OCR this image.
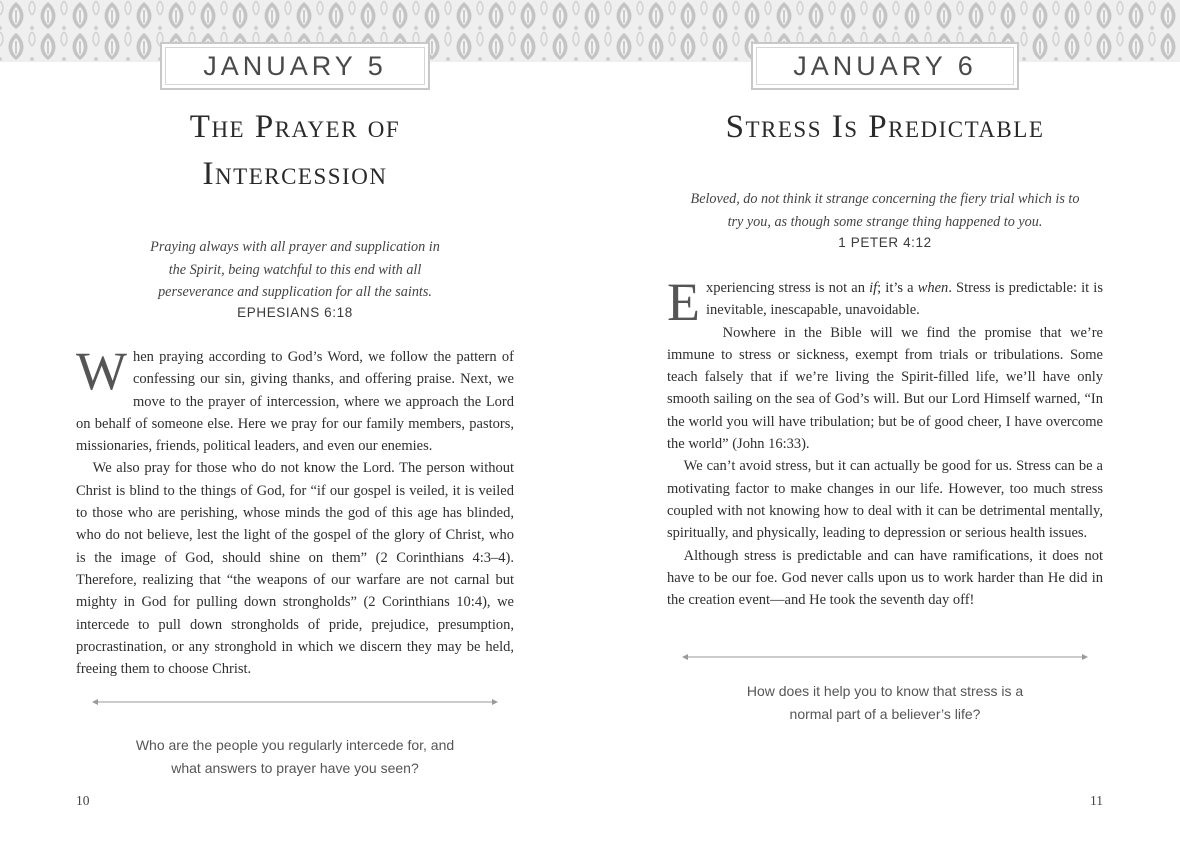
JANUARY 5
The Prayer of Intercession
Praying always with all prayer and supplication in the Spirit, being watchful to this end with all perseverance and supplication for all the saints.
EPHESIANS 6:18

When praying according to God’s Word, we follow the pattern of confessing our sin, giving thanks, and offering praise. Next, we move to the prayer of intercession, where we approach the Lord on behalf of someone else. Here we pray for our family members, pastors, missionaries, friends, political leaders, and even our enemies.

We also pray for those who do not know the Lord. The person without Christ is blind to the things of God, for “if our gospel is veiled, it is veiled to those who are perishing, whose minds the god of this age has blinded, who do not believe, lest the light of the gospel of the glory of Christ, who is the image of God, should shine on them” (2 Corinthians 4:3–4). Therefore, realizing that “the weapons of our warfare are not carnal but mighty in God for pulling down strongholds” (2 Corinthians 10:4), we intercede to pull down strongholds of pride, prejudice, presumption, procrastination, or any stronghold in which we discern they may be held, freeing them to choose Christ.

Who are the people you regularly intercede for, and what answers to prayer have you seen?
10
JANUARY 6
Stress Is Predictable
Beloved, do not think it strange concerning the fiery trial which is to try you, as though some strange thing happened to you.
1 PETER 4:12

Experiencing stress is not an if; it’s a when. Stress is predictable: it is inevitable, inescapable, unavoidable.

Nowhere in the Bible will we find the promise that we’re immune to stress or sickness, exempt from trials or tribulations. Some teach falsely that if we’re living the Spirit-filled life, we’ll have only smooth sailing on the sea of God’s will. But our Lord Himself warned, “In the world you will have tribulation; but be of good cheer, I have overcome the world” (John 16:33).

We can’t avoid stress, but it can actually be good for us. Stress can be a motivating factor to make changes in our life. However, too much stress coupled with not knowing how to deal with it can be detrimental mentally, spiritually, and physically, leading to depression or serious health issues.

Although stress is predictable and can have ramifications, it does not have to be our foe. God never calls upon us to work harder than He did in the creation event—and He took the seventh day off!

How does it help you to know that stress is a normal part of a believer’s life?
11
